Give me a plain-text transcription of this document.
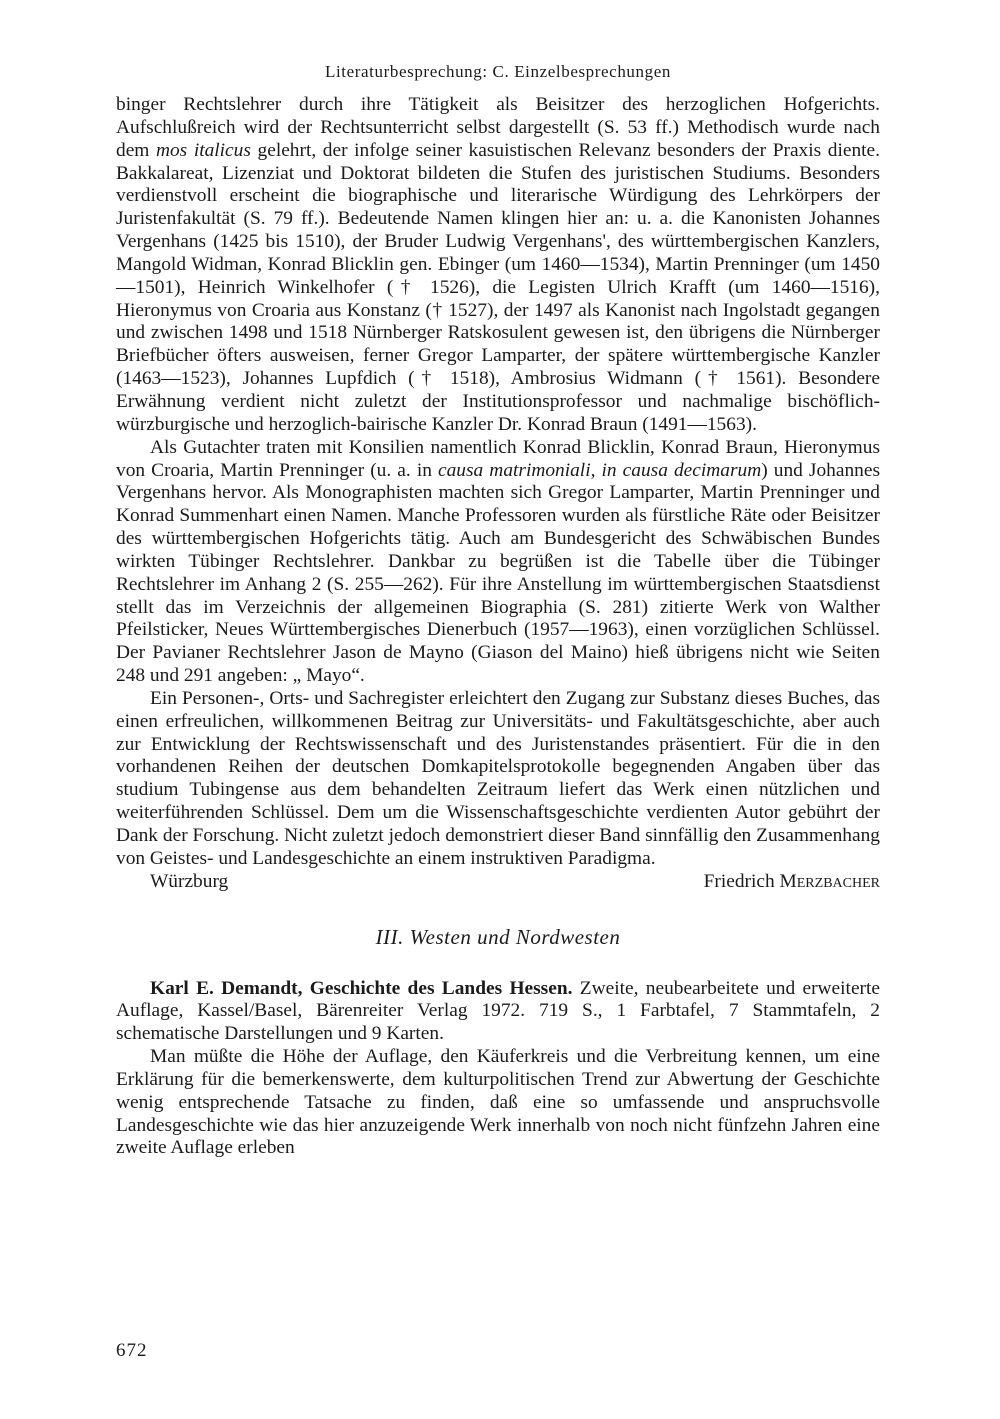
Literaturbesprechung: C. Einzelbesprechungen

binger Rechtslehrer durch ihre Tätigkeit als Beisitzer des herzoglichen Hofgerichts. Aufschlußreich wird der Rechtsunterricht selbst dargestellt (S. 53 ff.) Methodisch wurde nach dem mos italicus gelehrt, der infolge seiner kasuistischen Relevanz besonders der Praxis diente. Bakkalareat, Lizenziat und Doktorat bildeten die Stufen des juristischen Studiums. Besonders verdienstvoll erscheint die biographische und literarische Würdigung des Lehrkörpers der Juristenfakultät (S. 79 ff.). Bedeutende Namen klingen hier an: u. a. die Kanonisten Johannes Vergenhans (1425 bis 1510), der Bruder Ludwig Vergenhans', des württembergischen Kanzlers, Mangold Widman, Konrad Blicklin gen. Ebinger (um 1460—1534), Martin Prenninger (um 1450—1501), Heinrich Winkelhofer († 1526), die Legisten Ulrich Krafft (um 1460—1516), Hieronymus von Croaria aus Konstanz († 1527), der 1497 als Kanonist nach Ingolstadt gegangen und zwischen 1498 und 1518 Nürnberger Ratskosulent gewesen ist, den übrigens die Nürnberger Briefbücher öfters ausweisen, ferner Gregor Lamparter, der spätere württembergische Kanzler (1463—1523), Johannes Lupfdich († 1518), Ambrosius Widmann († 1561). Besondere Erwähnung verdient nicht zuletzt der Institutionsprofessor und nachmalige bischöflich-würzburgische und herzoglich-bairische Kanzler Dr. Konrad Braun (1491—1563).

Als Gutachter traten mit Konsilien namentlich Konrad Blicklin, Konrad Braun, Hieronymus von Croaria, Martin Prenninger (u. a. in causa matrimoniali, in causa decimarum) und Johannes Vergenhans hervor. Als Monographisten machten sich Gregor Lamparter, Martin Prenninger und Konrad Summenhart einen Namen. Manche Professoren wurden als fürstliche Räte oder Beisitzer des württembergischen Hofgerichts tätig. Auch am Bundesgericht des Schwäbischen Bundes wirkten Tübinger Rechtslehrer. Dankbar zu begrüßen ist die Tabelle über die Tübinger Rechtslehrer im Anhang 2 (S. 255—262). Für ihre Anstellung im württembergischen Staatsdienst stellt das im Verzeichnis der allgemeinen Biographia (S. 281) zitierte Werk von Walther Pfeilsticker, Neues Württembergisches Dienerbuch (1957—1963), einen vorzüglichen Schlüssel. Der Pavianer Rechtslehrer Jason de Mayno (Giason del Maino) hieß übrigens nicht wie Seiten 248 und 291 angeben: „ Mayo“.

Ein Personen-, Orts- und Sachregister erleichtert den Zugang zur Substanz dieses Buches, das einen erfreulichen, willkommenen Beitrag zur Universitäts- und Fakultätsgeschichte, aber auch zur Entwicklung der Rechtswissenschaft und des Juristenstandes präsentiert. Für die in den vorhandenen Reihen der deutschen Domkapitelsprotokolle begegnenden Angaben über das studium Tubingense aus dem behandelten Zeitraum liefert das Werk einen nützlichen und weiterführenden Schlüssel. Dem um die Wissenschaftsgeschichte verdienten Autor gebührt der Dank der Forschung. Nicht zuletzt jedoch demonstriert dieser Band sinnfällig den Zusammenhang von Geistes- und Landesgeschichte an einem instruktiven Paradigma.

Würzburg	Friedrich Merzbacher
III. Westen und Nordwesten

Karl E. Demandt, Geschichte des Landes Hessen. Zweite, neubearbeitete und erweiterte Auflage, Kassel/Basel, Bärenreiter Verlag 1972. 719 S., 1 Farbtafel, 7 Stammtafeln, 2 schematische Darstellungen und 9 Karten.

Man müßte die Höhe der Auflage, den Käuferkreis und die Verbreitung kennen, um eine Erklärung für die bemerkenswerte, dem kulturpolitischen Trend zur Abwertung der Geschichte wenig entsprechende Tatsache zu finden, daß eine so umfassende und anspruchsvolle Landesgeschichte wie das hier anzuzeigende Werk innerhalb von noch nicht fünfzehn Jahren eine zweite Auflage erleben

672
